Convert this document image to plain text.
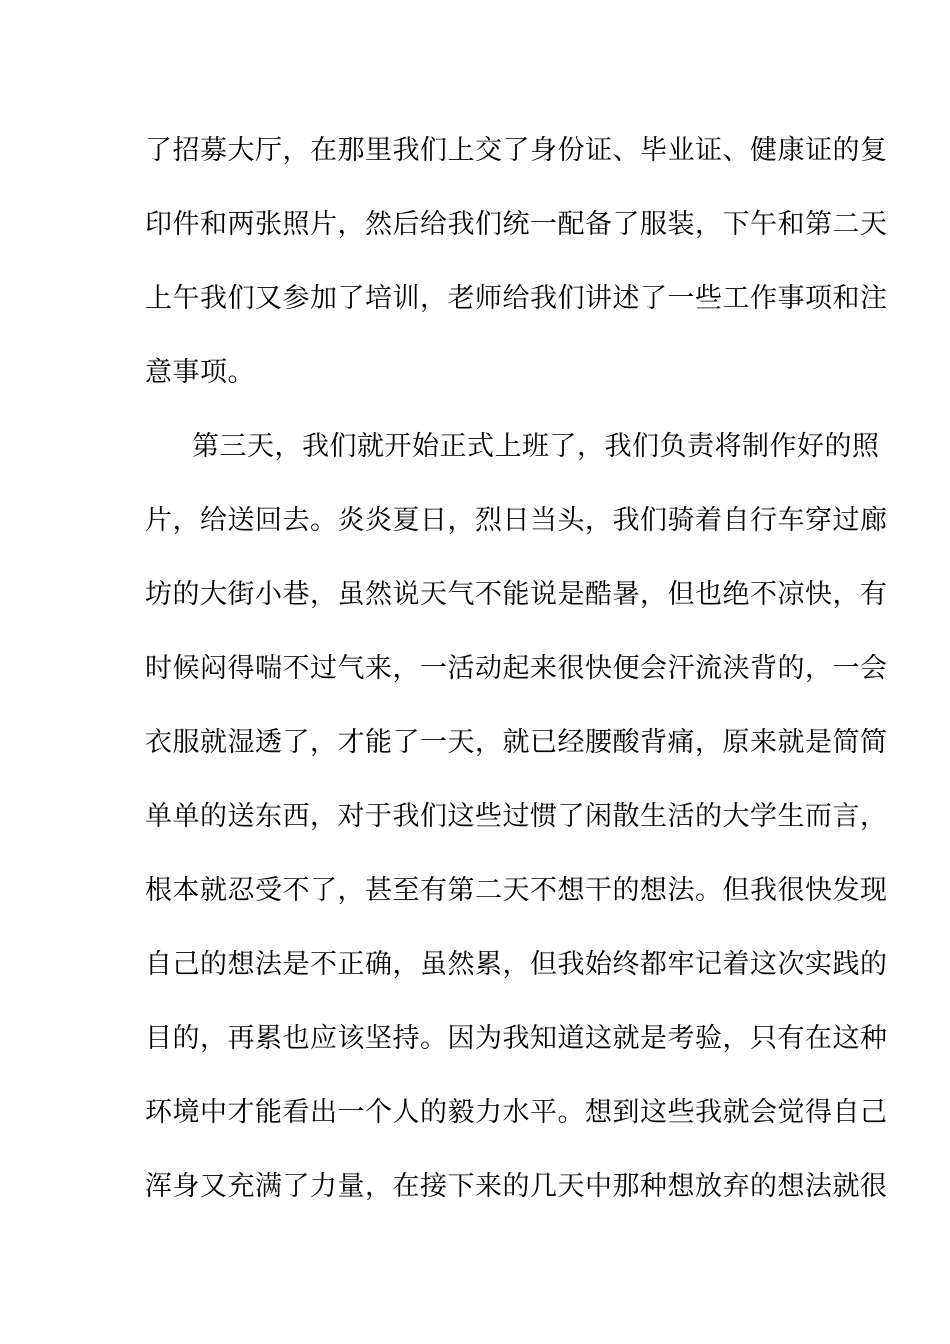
了招募大厅，在那里我们上交了身份证、毕业证、健康证的复
印件和两张照片，然后给我们统一配备了服装，下午和第二天
上午我们又参加了培训，老师给我们讲述了一些工作事项和注
意事项。
第三天，我们就开始正式上班了，我们负责将制作好的照
片，给送回去。炎炎夏日，烈日当头，我们骑着自行车穿过廊
坊的大街小巷，虽然说天气不能说是酷暑，但也绝不凉快，有
时候闷得喘不过气来，一活动起来很快便会汗流浃背的，一会
衣服就湿透了，才能了一天，就已经腰酸背痛，原来就是简简
单单的送东西，对于我们这些过惯了闲散生活的大学生而言，
根本就忍受不了，甚至有第二天不想干的想法。但我很快发现
自己的想法是不正确，虽然累，但我始终都牢记着这次实践的
目的，再累也应该坚持。因为我知道这就是考验，只有在这种
环境中才能看出一个人的毅力水平。想到这些我就会觉得自己
浑身又充满了力量，在接下来的几天中那种想放弃的想法就很
